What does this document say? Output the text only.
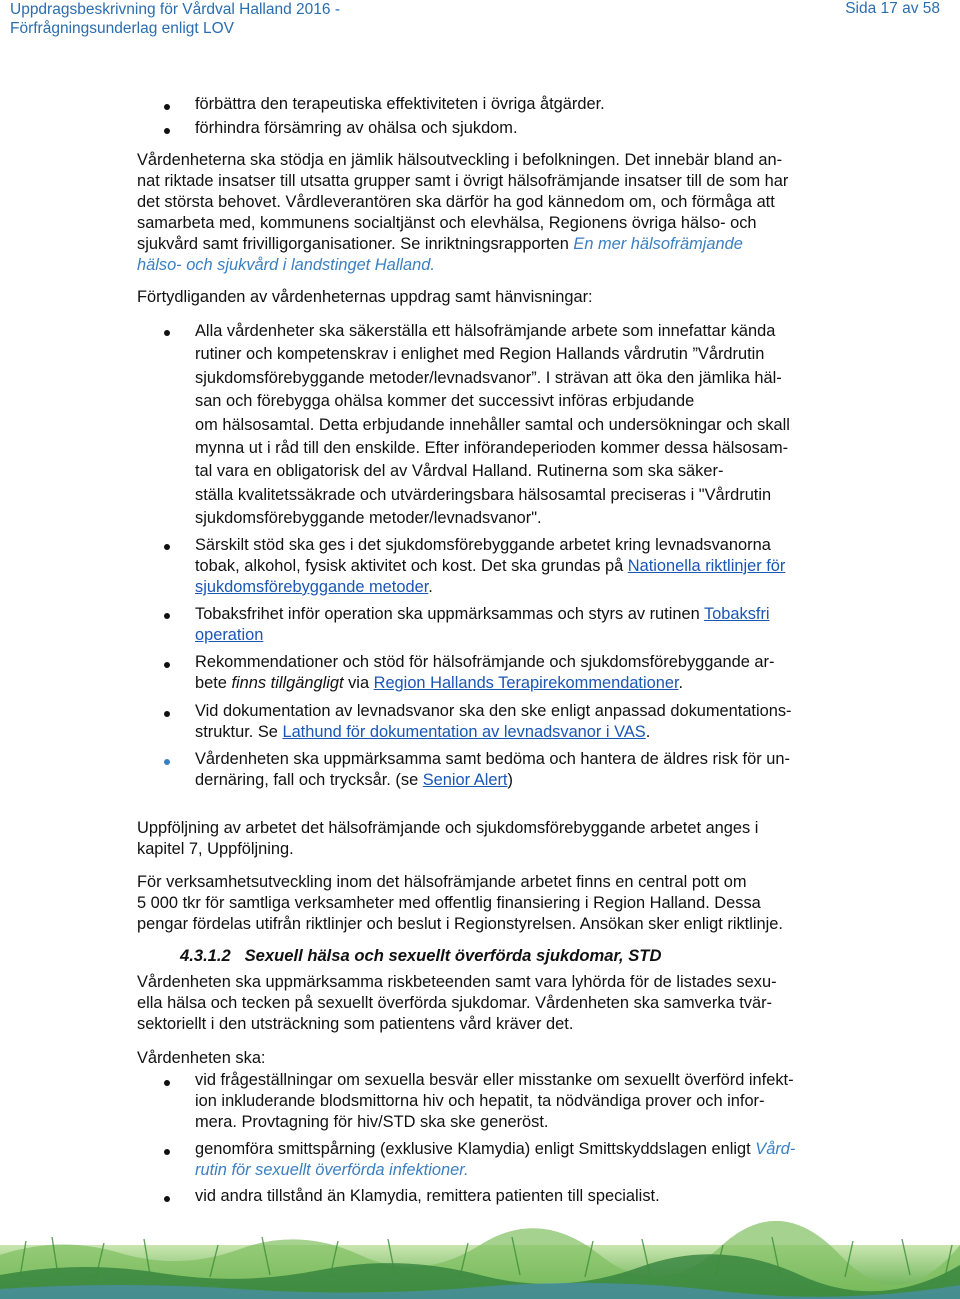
Uppdragsbeskrivning för Vårdval Halland 2016 -
Förfrågningsunderlag enligt LOV
Sida 17 av 58

förbättra den terapeutiska effektiviteten i övriga åtgärder.

förhindra försämring av ohälsa och sjukdom.

Vårdenheterna ska stödja en jämlik hälsoutveckling i befolkningen. Det innebär bland an-
nat riktade insatser till utsatta grupper samt i övrigt hälsofrämjande insatser till de som har
det största behovet. Vårdleverantören ska därför ha god kännedom om, och förmåga att
samarbeta med, kommunens socialtjänst och elevhälsa, Regionens övriga hälso- och
sjukvård samt frivilligorganisationer. Se inriktningsrapporten En mer hälsofrämjande
hälso- och sjukvård i landstinget Halland.

Förtydliganden av vårdenheternas uppdrag samt hänvisningar:

Alla vårdenheter ska säkerställa ett hälsofrämjande arbete som innefattar kända
rutiner och kompetenskrav i enlighet med Region Hallands vårdrutin ”Vårdrutin
sjukdomsförebyggande metoder/levnadsvanor”. I strävan att öka den jämlika häl-
san och förebygga ohälsa kommer det successivt införas erbjudande
om hälsosamtal. Detta erbjudande innehåller samtal och undersökningar och skall
mynna ut i råd till den enskilde. Efter införandeperioden kommer dessa hälsosam-
tal vara en obligatorisk del av Vårdval Halland. Rutinerna som ska säker-
ställa kvalitetssäkrade och utvärderingsbara hälsosamtal preciseras i "Vårdrutin
sjukdomsförebyggande metoder/levnadsvanor".
Särskilt stöd ska ges i det sjukdomsförebyggande arbetet kring levnadsvanorna
tobak, alkohol, fysisk aktivitet och kost. Det ska grundas på Nationella riktlinjer för
sjukdomsförebyggande metoder.
Tobaksfrihet inför operation ska uppmärksammas och styrs av rutinen Tobaksfri
operation
Rekommendationer och stöd för hälsofrämjande och sjukdomsförebyggande ar-
bete finns tillgängligt via Region Hallands Terapirekommendationer.
Vid dokumentation av levnadsvanor ska den ske enligt anpassad dokumentations-
struktur. Se Lathund för dokumentation av levnadsvanor i VAS.
Vårdenheten ska uppmärksamma samt bedöma och hantera de äldres risk för un-
dernäring, fall och trycksår. (se Senior Alert)
Uppföljning av arbetet det hälsofrämjande och sjukdomsförebyggande arbetet anges i
kapitel 7, Uppföljning.
För verksamhetsutveckling inom det hälsofrämjande arbetet finns en central pott om
5 000 tkr för samtliga verksamheter med offentlig finansiering i Region Halland. Dessa
pengar fördelas utifrån riktlinjer och beslut i Regionstyrelsen. Ansökan sker enligt riktlinje.
4.3.1.2 Sexuell hälsa och sexuellt överförda sjukdomar, STD
Vårdenheten ska uppmärksamma riskbeteenden samt vara lyhörda för de listades sexu-
ella hälsa och tecken på sexuellt överförda sjukdomar. Vårdenheten ska samverka tvär-
sektoriellt i den utsträckning som patientens vård kräver det.

Vårdenheten ska:

vid frågeställningar om sexuella besvär eller misstanke om sexuellt överförd infekt-
ion inkluderande blodsmittorna hiv och hepatit, ta nödvändiga prover och infor-
mera. Provtagning för hiv/STD ska ske generöst.
genomföra smittspårning (exklusive Klamydia) enligt Smittskyddslagen enligt Vård-
rutin för sexuellt överförda infektioner.

vid andra tillstånd än Klamydia, remittera patienten till specialist.
